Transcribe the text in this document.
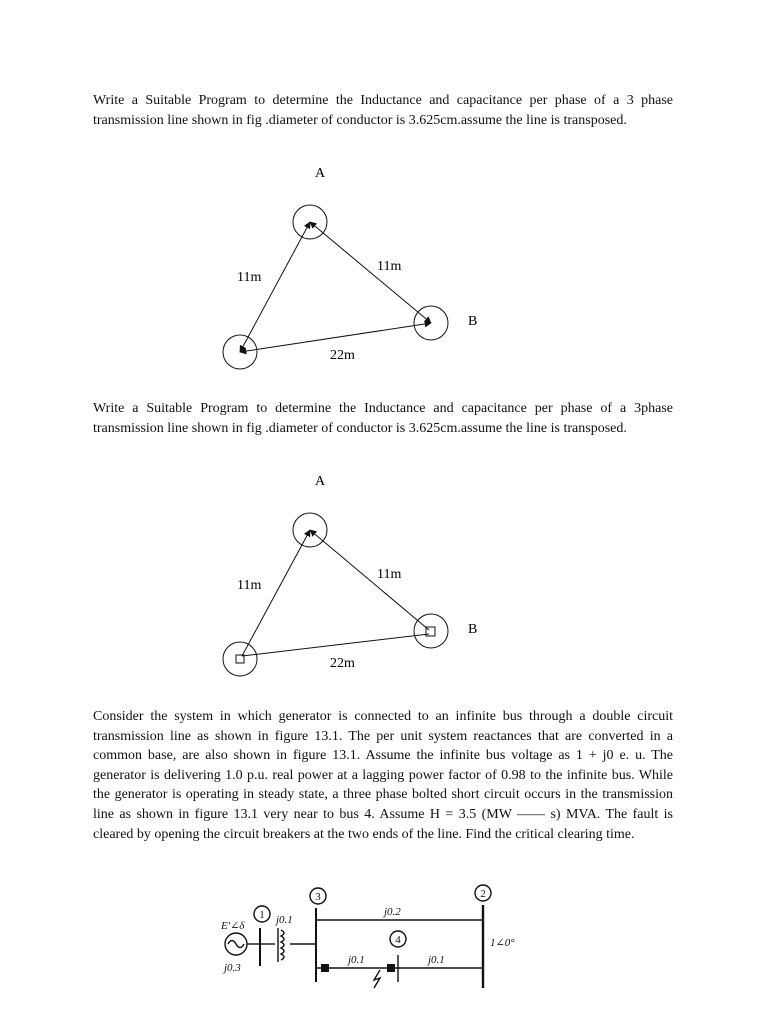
Write a Suitable Program to determine the Inductance and capacitance per phase of a 3 phase transmission line shown in fig .diameter of conductor is 3.625cm.assume the line is transposed.

A
B
11m
11m
22m

Write a Suitable Program to determine the Inductance and capacitance per phase of a 3phase transmission line shown in fig .diameter of conductor is 3.625cm.assume the line is transposed.

A
B
11m
11m
22m

Consider the system in which generator is connected to an infinite bus through a double circuit transmission line as shown in figure 13.1. The per unit system reactances that are converted in a common base, are also shown in figure 13.1. Assume the infinite bus voltage as 1 + j0 e. u. The generator is delivering 1.0 p.u. real power at a lagging power factor of 0.98 to the infinite bus. While the generator is operating in steady state, a three phase bolted short circuit occurs in the transmission line as shown in figure 13.1 very near to bus 4. Assume H = 3.5 (MW —— s) MVA. The fault is cleared by opening the circuit breakers at the two ends of the line. Find the critical clearing time.

E'∠δ
j0.3
j0.1
j0.2
j0.1	j0.1
1∠0°
1
3
4
2
